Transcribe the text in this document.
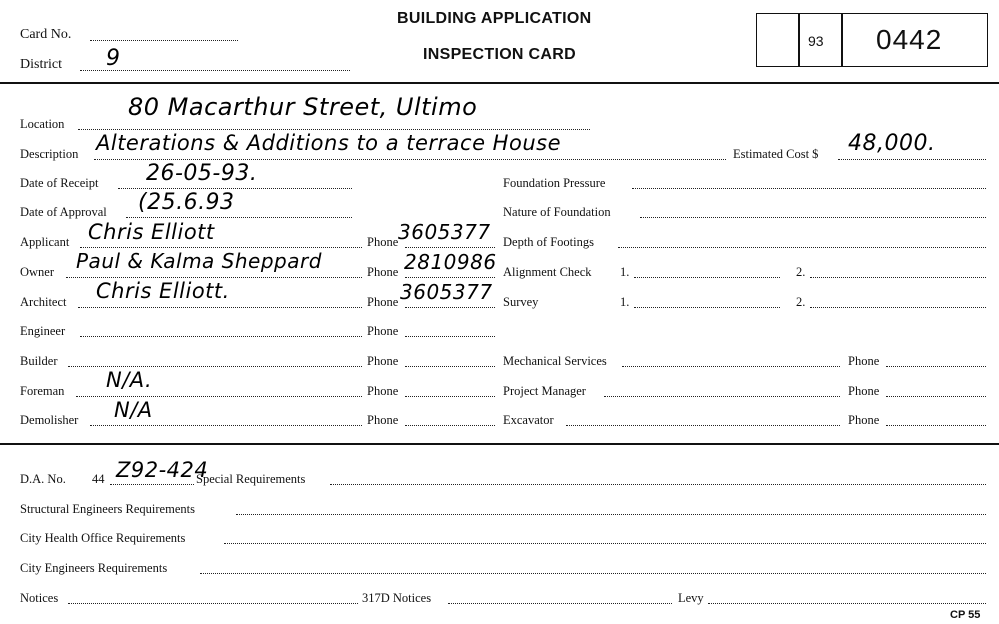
Card No.
District 9
BUILDING APPLICATION
INSPECTION CARD
93 0442
Location
80 Macarthur Street, Ultimo
Description Alterations & Additions to a terrace House	Estimated Cost $ 48,000.
Date of Receipt 26-05-93.
Date of Approval (25.6.93
Applicant Chris Elliott	Phone 3605377
Owner Paul & Kalma Sheppard	Phone 2810986
Architect Chris Elliott.	Phone 3605377
Engineer	Phone
Builder	Phone
Foreman N/A.	Phone
Demolisher N/A	Phone
Foundation Pressure
Nature of Foundation
Depth of Footings
Alignment Check 1.	2.
Survey	1.	2.
Mechanical Services	Phone
Project Manager	Phone
Excavator	Phone
D.A. No. 44 Z92-424
Special Requirements
Structural Engineers Requirements
City Health Office Requirements
City Engineers Requirements
Notices	317D Notices	Levy
CP 55
